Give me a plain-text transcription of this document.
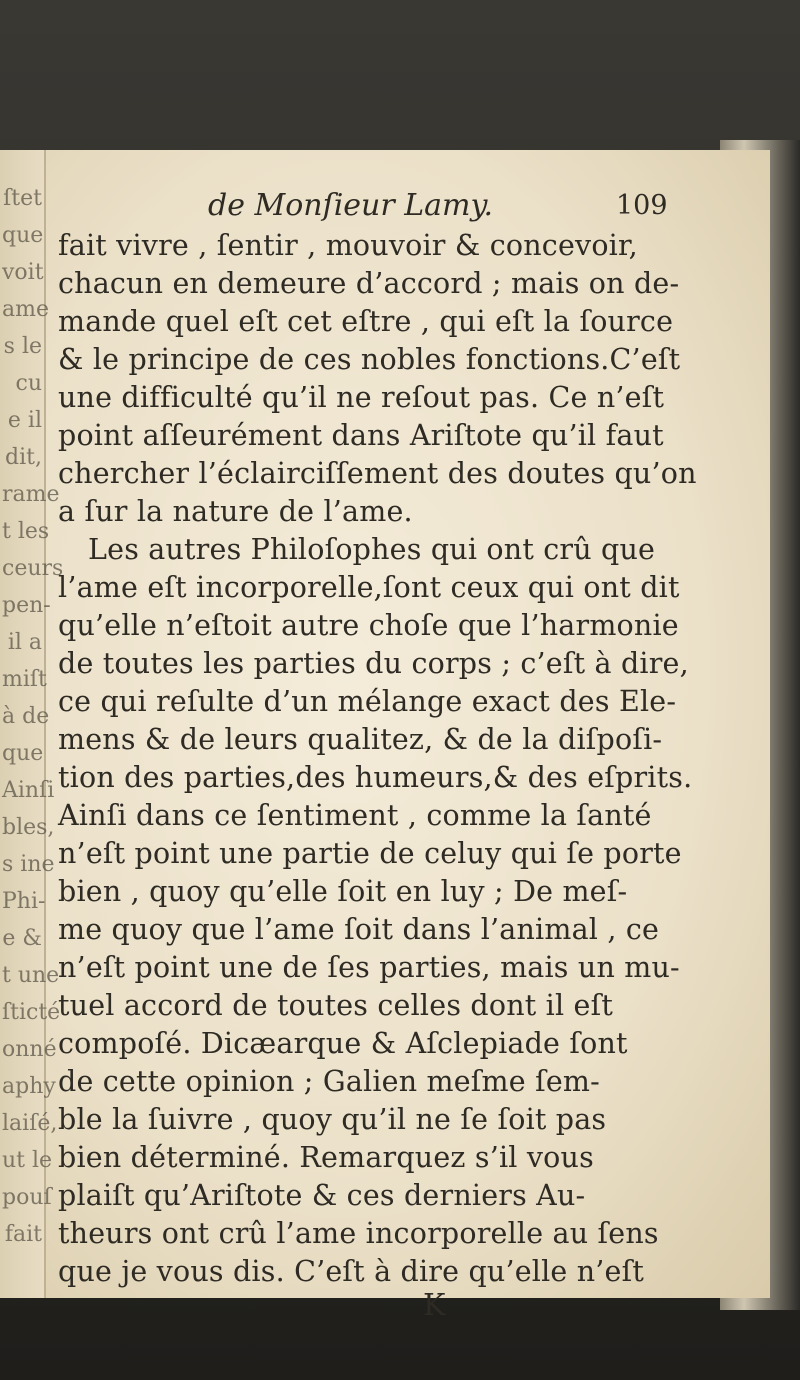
de Monſieur Lamy.	109
fait vivre , ſentir , mouvoir & concevoir,
chacun en demeure d’accord ; mais on de-
mande quel eſt cet eſtre , qui eſt la ſource
& le principe de ces nobles fonctions.C’eſt
une difficulté qu’il ne reſout pas. Ce n’eſt
point aſſeurément dans Ariſtote qu’il faut
chercher l’éclairciſſement des doutes qu’on
a ſur la nature de l’ame.
Les autres Philoſophes qui ont crû que
l’ame eſt incorporelle,ſont ceux qui ont dit
qu’elle n’eſtoit autre choſe que l’harmonie
de toutes les parties du corps ; c’eſt à dire,
ce qui reſulte d’un mélange exact des Ele-
mens & de leurs qualitez, & de la diſpoſi-
tion des parties,des humeurs,& des eſprits.
Ainſi dans ce ſentiment , comme la ſanté
n’eſt point une partie de celuy qui ſe porte
bien , quoy qu’elle ſoit en luy ; De meſ-
me quoy que l’ame ſoit dans l’animal , ce
n’eſt point une de ſes parties, mais un mu-
tuel accord de toutes celles dont il eſt
compoſé. Dicæarque & Aſclepiade ſont
de cette opinion ; Galien meſme ſem-
ble la ſuivre , quoy qu’il ne ſe ſoit pas
bien déterminé. Remarquez s’il vous
plaiſt qu’Ariſtote & ces derniers Au-
theurs ont crû l’ame incorporelle au ſens
que je vous dis. C’eſt à dire qu’elle n’eſt
K
ſtet
que
voit
ame
s le
cu
e il
dit,
rame
t les
ceurs
pen-
il a
miſt
à de
que
Ainſi
bles,
s ine
Phi-
e &
t une
ſticté
onné
aphy
laiſé,
ut le
pouſ
fait
